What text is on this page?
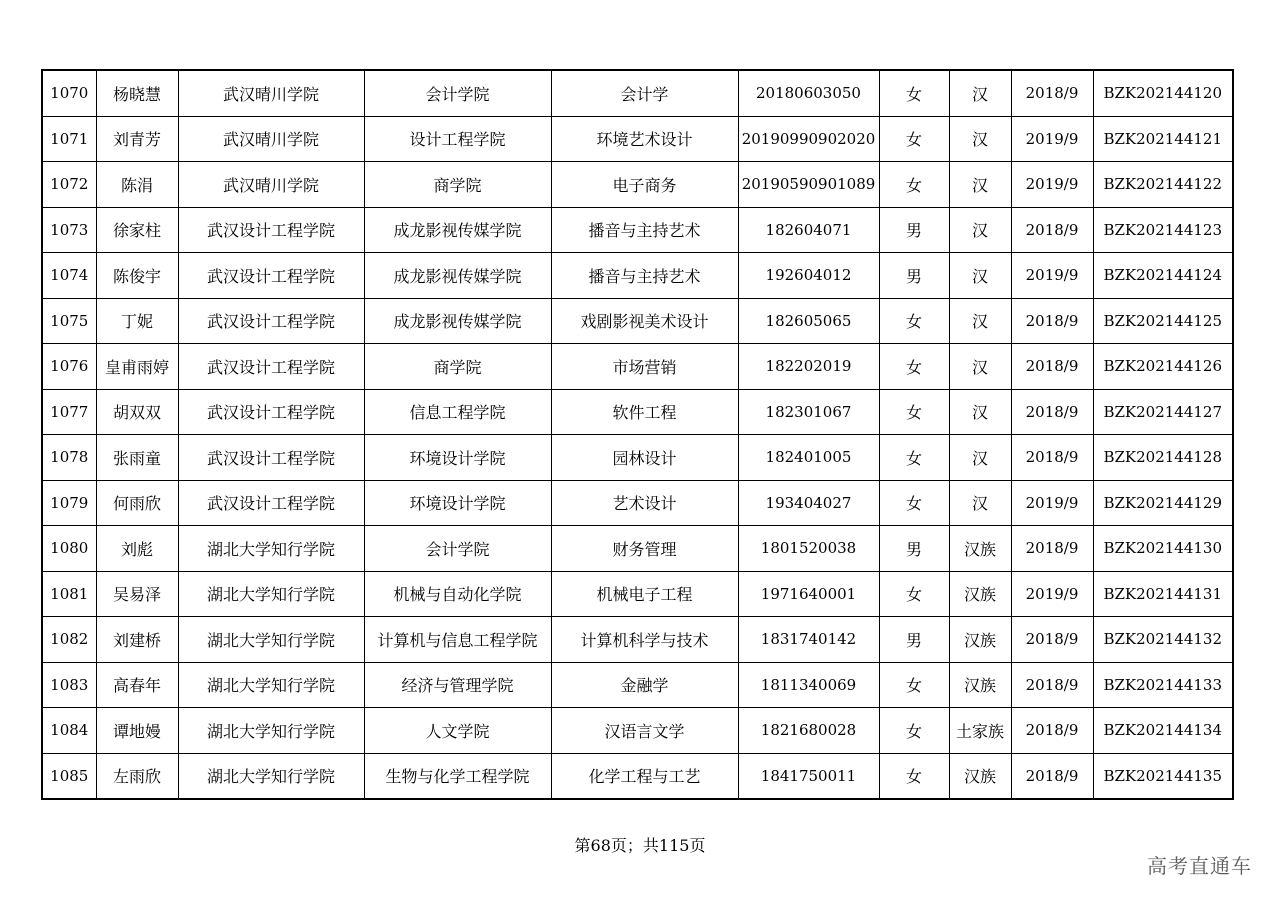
1070	杨晓慧	武汉晴川学院	会计学院	会计学	20180603050	女	汉	2018/9	BZK202144120
1071	刘青芳	武汉晴川学院	设计工程学院	环境艺术设计	20190990902020	女	汉	2019/9	BZK202144121
1072	陈涓	武汉晴川学院	商学院	电子商务	20190590901089	女	汉	2019/9	BZK202144122
1073	徐家柱	武汉设计工程学院	成龙影视传媒学院	播音与主持艺术	182604071	男	汉	2018/9	BZK202144123
1074	陈俊宇	武汉设计工程学院	成龙影视传媒学院	播音与主持艺术	192604012	男	汉	2019/9	BZK202144124
1075	丁妮	武汉设计工程学院	成龙影视传媒学院	戏剧影视美术设计	182605065	女	汉	2018/9	BZK202144125
1076	皇甫雨婷	武汉设计工程学院	商学院	市场营销	182202019	女	汉	2018/9	BZK202144126
1077	胡双双	武汉设计工程学院	信息工程学院	软件工程	182301067	女	汉	2018/9	BZK202144127
1078	张雨童	武汉设计工程学院	环境设计学院	园林设计	182401005	女	汉	2018/9	BZK202144128
1079	何雨欣	武汉设计工程学院	环境设计学院	艺术设计	193404027	女	汉	2019/9	BZK202144129
1080	刘彪	湖北大学知行学院	会计学院	财务管理	1801520038	男	汉族	2018/9	BZK202144130
1081	吴易泽	湖北大学知行学院	机械与自动化学院	机械电子工程	1971640001	女	汉族	2019/9	BZK202144131
1082	刘建桥	湖北大学知行学院	计算机与信息工程学院	计算机科学与技术	1831740142	男	汉族	2018/9	BZK202144132
1083	高春年	湖北大学知行学院	经济与管理学院	金融学	1811340069	女	汉族	2018/9	BZK202144133
1084	谭地嫚	湖北大学知行学院	人文学院	汉语言文学	1821680028	女	土家族	2018/9	BZK202144134
1085	左雨欣	湖北大学知行学院	生物与化学工程学院	化学工程与工艺	1841750011	女	汉族	2018/9	BZK202144135
第68页；共115页
高考直通车
